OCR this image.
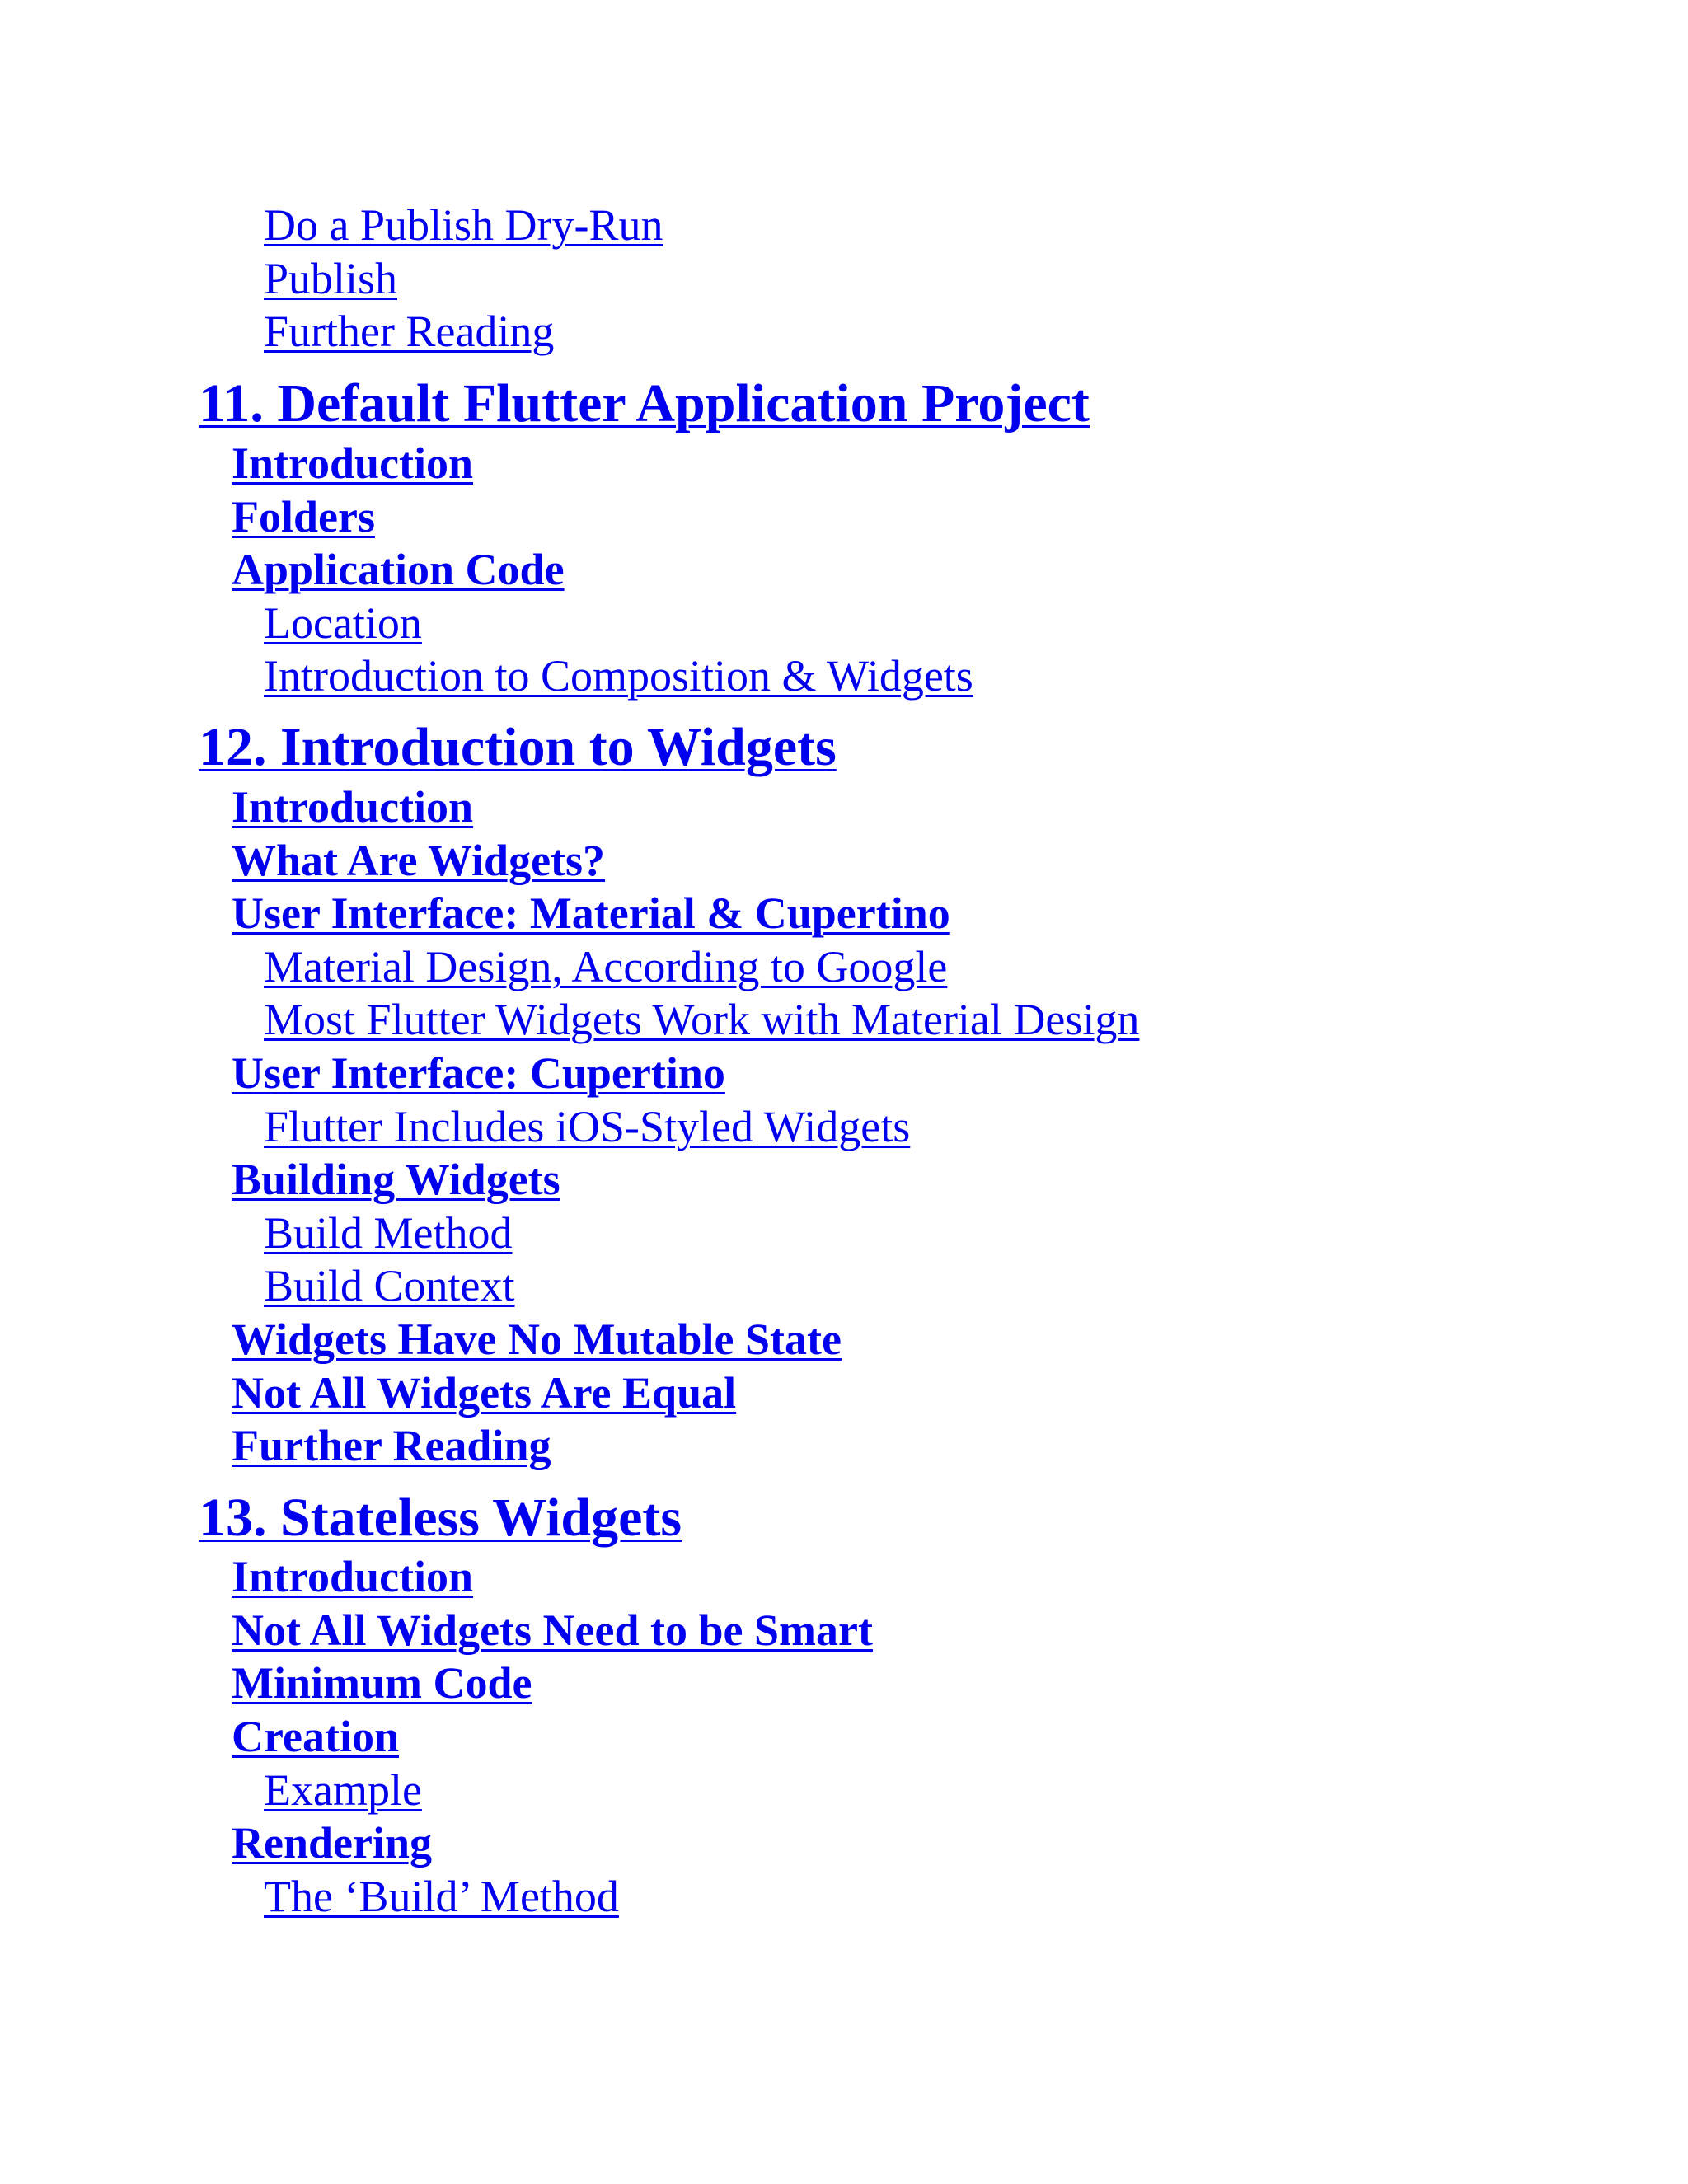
Do a Publish Dry-Run
Publish
Further Reading
11. Default Flutter Application Project
Introduction
Folders
Application Code
Location
Introduction to Composition & Widgets
12. Introduction to Widgets
Introduction
What Are Widgets?
User Interface: Material & Cupertino
Material Design, According to Google
Most Flutter Widgets Work with Material Design
User Interface: Cupertino
Flutter Includes iOS-Styled Widgets
Building Widgets
Build Method
Build Context
Widgets Have No Mutable State
Not All Widgets Are Equal
Further Reading
13. Stateless Widgets
Introduction
Not All Widgets Need to be Smart
Minimum Code
Creation
Example
Rendering
The ‘Build’ Method
